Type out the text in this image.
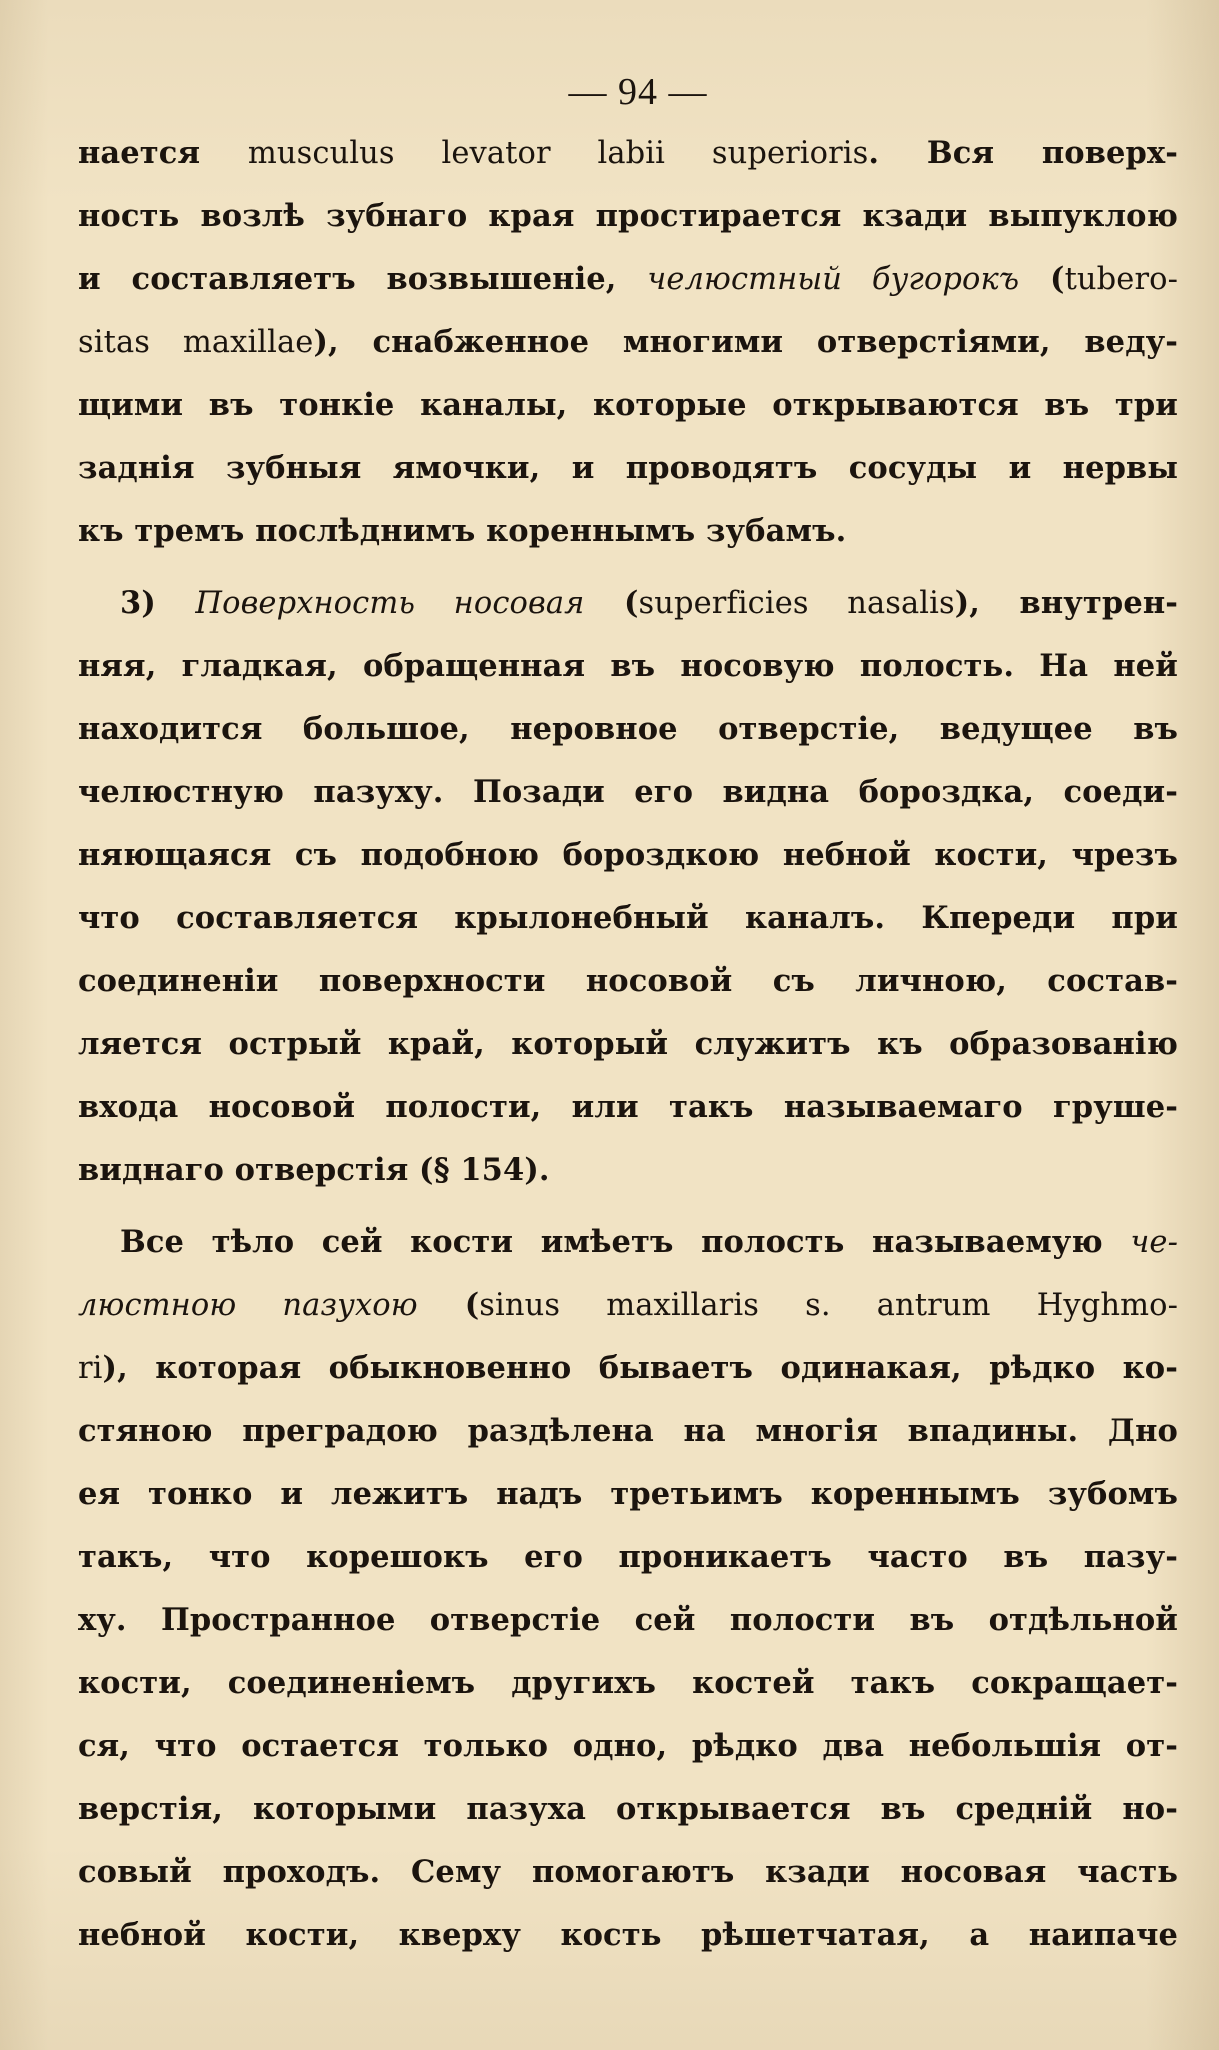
— 94 —
нается musculus levator labii superioris. Вся поверх-
ность возлѣ зубнаго края простирается кзади выпуклою
и составляетъ возвышеніе, челюстный бугорокъ (tubero-
sitas maxillae), снабженное многими отверстіями, веду-
щими въ тонкіе каналы, которые открываются въ три
заднія зубныя ямочки, и проводятъ сосуды и нервы
къ тремъ послѣднимъ кореннымъ зубамъ.
3) Поверхность носовая (superficies nasalis), внутрен-
няя, гладкая, обращенная въ носовую полость. На ней
находится большое, неровное отверстіе, ведущее въ
челюстную пазуху. Позади его видна бороздка, соеди-
няющаяся съ подобною бороздкою небной кости, чрезъ
что составляется крылонебный каналъ. Кпереди при
соединеніи поверхности носовой съ личною, состав-
ляется острый край, который служитъ къ образованію
входа носовой полости, или такъ называемаго груше-
виднаго отверстія (§ 154).
Все тѣло сей кости имѣетъ полость называемую че-
люстною пазухою (sinus maxillaris s. antrum Hyghmo-
ri), которая обыкновенно бываетъ одинакая, рѣдко ко-
стяною преградою раздѣлена на многія впадины. Дно
ея тонко и лежитъ надъ третьимъ кореннымъ зубомъ
такъ, что корешокъ его проникаетъ часто въ пазу-
ху. Пространное отверстіе сей полости въ отдѣльной
кости, соединеніемъ другихъ костей такъ сокращает-
ся, что остается только одно, рѣдко два небольшія от-
верстія, которыми пазуха открывается въ средній но-
совый проходъ. Сему помогаютъ кзади носовая часть
небной кости, кверху кость рѣшетчатая, а наипаче
